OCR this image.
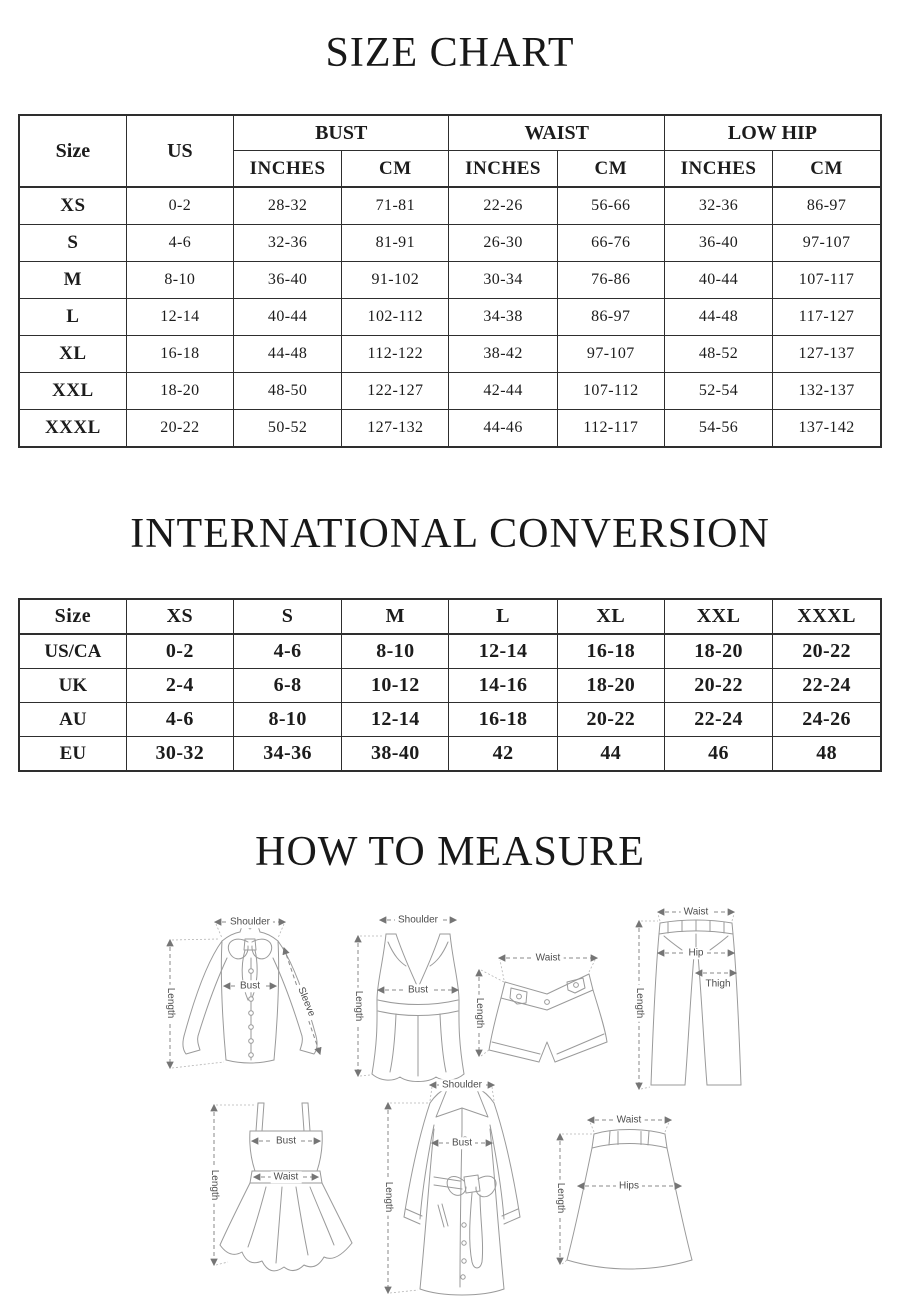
SIZE CHART
Size	US	BUST		WAIST		LOW HIP	
		INCHES	CM	INCHES	CM	INCHES	CM
XS	0-2	28-32	71-81	22-26	56-66	32-36	86-97
S	4-6	32-36	81-91	26-30	66-76	36-40	97-107
M	8-10	36-40	91-102	30-34	76-86	40-44	107-117
L	12-14	40-44	102-112	34-38	86-97	44-48	117-127
XL	16-18	44-48	112-122	38-42	97-107	48-52	127-137
XXL	18-20	48-50	122-127	42-44	107-112	52-54	132-137
XXXL	20-22	50-52	127-132	44-46	112-117	54-56	137-142
INTERNATIONAL CONVERSION
Size	XS	S	M	L	XL	XXL	XXXL
US/CA	0-2	4-6	8-10	12-14	16-18	18-20	20-22
UK	2-4	6-8	10-12	14-16	18-20	20-22	22-24
AU	4-6	8-10	12-14	16-18	20-22	22-24	24-26
EU	30-32	34-36	38-40	42	44	46	48
HOW TO MEASURE
Shoulder
Length
Bust	Sleeve
Shoulder
Length
Bust
Waist
Length
Waist
Hip
Thigh
Length
Bust
Waist
Length
Shoulder
Bust
Length
Waist
Hips
Length
